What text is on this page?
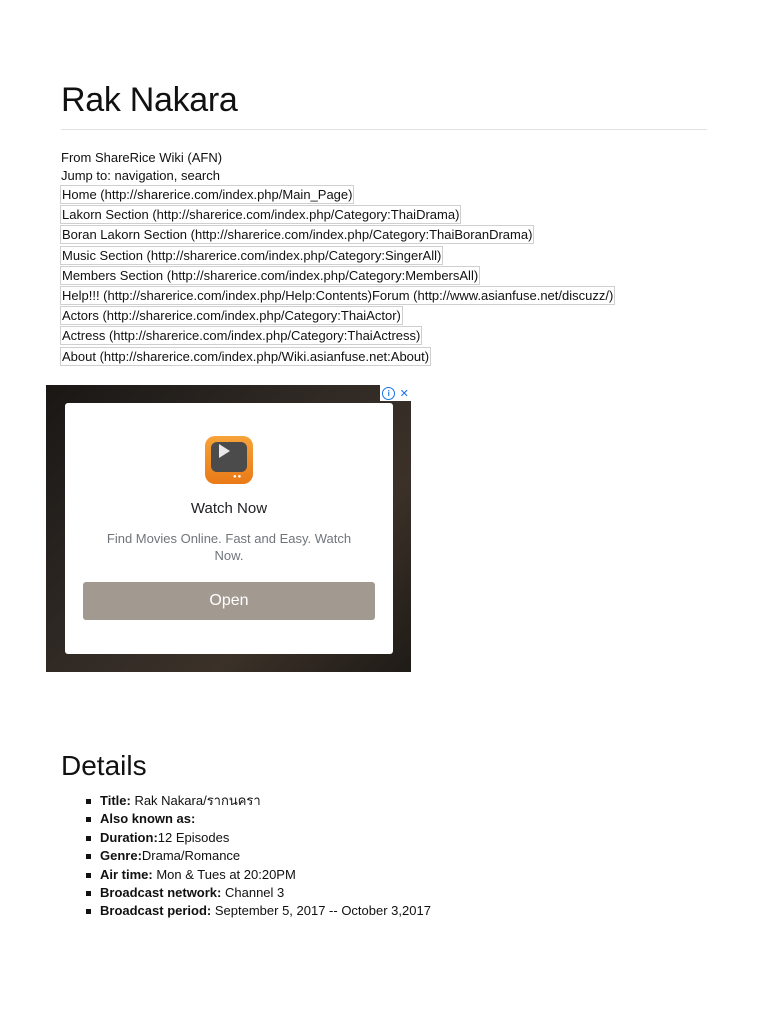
Rak Nakara
From ShareRice Wiki (AFN)
Jump to: navigation, search
Home (http://sharerice.com/index.php/Main_Page)
Lakorn Section (http://sharerice.com/index.php/Category:ThaiDrama)
Boran Lakorn Section (http://sharerice.com/index.php/Category:ThaiBoranDrama)
Music Section (http://sharerice.com/index.php/Category:SingerAll)
Members Section (http://sharerice.com/index.php/Category:MembersAll)
Help!!! (http://sharerice.com/index.php/Help:Contents)Forum (http://www.asianfuse.net/discuzz/)
Actors (http://sharerice.com/index.php/Category:ThaiActor)
Actress (http://sharerice.com/index.php/Category:ThaiActress)
About (http://sharerice.com/index.php/Wiki.asianfuse.net:About)
i ✕
●●
Watch Now
Find Movies Online. Fast and Easy. Watch Now.
Open
Details
Title: Rak Nakara/รากนครา
Also known as:
Duration:12 Episodes
Genre:Drama/Romance
Air time: Mon & Tues at 20:20PM
Broadcast network: Channel 3
Broadcast period: September 5, 2017 -- October 3,2017
